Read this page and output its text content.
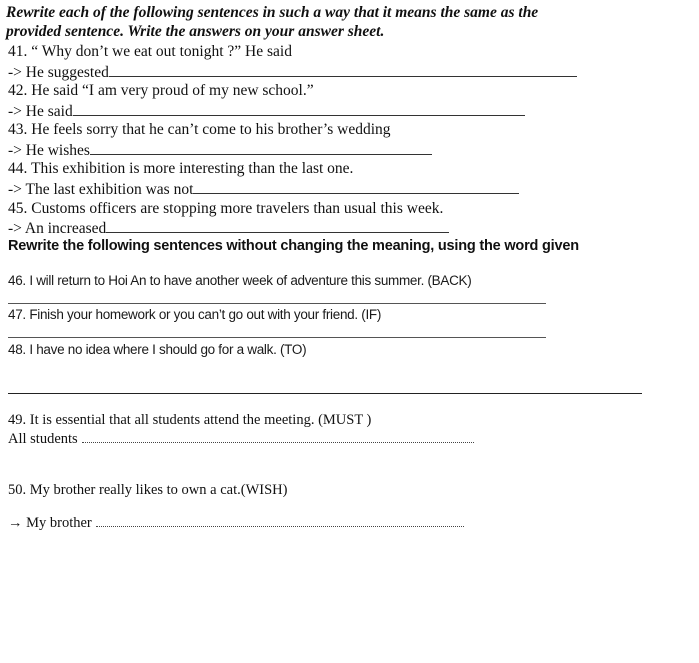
Rewrite each of the following sentences in such a way that it means the same as the
provided sentence. Write the answers on your answer sheet.
41. “ Why don’t we eat out tonight ?” He said
-> He suggested
42. He said “I am very proud of my new school.”
-> He said
43. He feels sorry that he can’t come to his brother’s wedding
-> He wishes
44. This exhibition is more interesting than the last one.
-> The last exhibition was not
45. Customs officers are stopping more travelers than usual this week.
-> An increased
Rewrite the following sentences without changing the meaning, using the word given
46. I will return to Hoi An to have another week of adventure this summer. (BACK)
47. Finish your homework or you can’t go out with your friend. (IF)
48. I have no idea where I should go for a walk. (TO)
49. It is essential that all students attend the meeting. (MUST )
All students
50. My brother really likes to own a cat.(WISH)
→ My brother
